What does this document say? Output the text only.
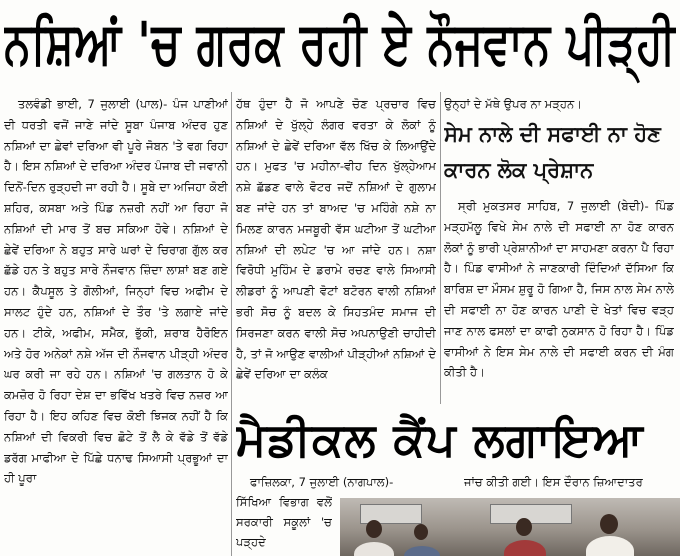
ਨਸ਼ਿਆਂ 'ਚ ਗਰਕ ਰਹੀ ਏ ਨੌਜਵਾਨ ਪੀੜ੍ਹੀ

ਤਲਵੰਡੀ ਭਾਈ, 7 ਜੁਲਾਈ (ਪਾਲ)- ਪੰਜ ਪਾਣੀਆਂ ਦੀ ਧਰਤੀ ਵਜੋਂ ਜਾਣੇ ਜਾਂਦੇ ਸੂਬਾ ਪੰਜਾਬ ਅੰਦਰ ਹੁਣ ਨਸ਼ਿਆਂ ਦਾ ਛੇਵਾਂ ਦਰਿਆ ਵੀ ਪੂਰੇ ਜੋਬਨ 'ਤੇ ਵਗ ਰਿਹਾ ਹੈ। ਇਸ ਨਸ਼ਿਆਂ ਦੇ ਦਰਿਆ ਅੰਦਰ ਪੰਜਾਬ ਦੀ ਜਵਾਨੀ ਦਿਨੋਂ-ਦਿਨ ਰੁੜ੍ਹਦੀ ਜਾ ਰਹੀ ਹੈ। ਸੂਬੇ ਦਾ ਅਜਿਹਾ ਕੋਈ ਸ਼ਹਿਰ, ਕਸਬਾ ਅਤੇ ਪਿੰਡ ਨਜ਼ਰੀ ਨਹੀਂ ਆ ਰਿਹਾ ਜੋ ਨਸ਼ਿਆਂ ਦੀ ਮਾਰ ਤੋਂ ਬਚ ਸਕਿਆ ਹੋਵੇ। ਨਸ਼ਿਆਂ ਦੇ ਛੇਵੇਂ ਦਰਿਆ ਨੇ ਬਹੁਤ ਸਾਰੇ ਘਰਾਂ ਦੇ ਚਿਰਾਗ ਗੁੱਲ ਕਰ ਛੱਡੇ ਹਨ ਤੇ ਬਹੁਤ ਸਾਰੇ ਨੌਜਵਾਨ ਜ਼ਿੰਦਾ ਲਾਸ਼ਾਂ ਬਣ ਗਏ ਹਨ। ਕੈਪਸੂਲ ਤੇ ਗੋਲੀਆਂ, ਜਿਨ੍ਹਾਂ ਵਿਚ ਅਫੀਮ ਦੇ ਸਾਲਟ ਹੁੰਦੇ ਹਨ, ਨਸ਼ਿਆਂ ਦੇ ਤੌਰ 'ਤੇ ਲਗਾਏ ਜਾਂਦੇ ਹਨ। ਟੀਕੇ, ਅਫੀਮ, ਸਮੈਕ, ਭੁੱਕੀ, ਸ਼ਰਾਬ ਹੈਰੋਇਨ ਅਤੇ ਹੋਰ ਅਨੇਕਾਂ ਨਸ਼ੇ ਅੱਜ ਦੀ ਨੌਜਵਾਨ ਪੀੜ੍ਹੀ ਅੰਦਰ ਘਰ ਕਰੀ ਜਾ ਰਹੇ ਹਨ। ਨਸ਼ਿਆਂ 'ਚ ਗਲਤਾਨ ਹੋ ਕੇ ਕਮਜ਼ੋਰ ਹੋ ਰਿਹਾ ਦੇਸ਼ ਦਾ ਭਵਿੱਖ ਖਤਰੇ ਵਿਚ ਨਜ਼ਰ ਆ ਰਿਹਾ ਹੈ। ਇਹ ਕਹਿਣ ਵਿਚ ਕੋਈ ਝਿਜਕ ਨਹੀਂ ਹੈ ਕਿ ਨਸ਼ਿਆਂ ਦੀ ਵਿਕਰੀ ਵਿਚ ਛੋਟੇ ਤੋਂ ਲੈ ਕੇ ਵੱਡੇ ਤੋਂ ਵੱਡੇ ਡਰੱਗ ਮਾਫੀਆ ਦੇ ਪਿੱਛੇ ਧਨਾਢ ਸਿਆਸੀ ਪ੍ਰਭੂਆਂ ਦਾ ਹੀ ਪੂਰਾ

ਹੱਥ ਹੁੰਦਾ ਹੈ ਜੋ ਆਪਣੇ ਚੋਣ ਪ੍ਰਚਾਰ ਵਿਚ ਨਸ਼ਿਆਂ ਦੇ ਖੁੱਲ੍ਹੇ ਲੰਗਰ ਵਰਤਾ ਕੇ ਲੋਕਾਂ ਨੂੰ ਨਸ਼ਿਆਂ ਦੇ ਛੇਵੇਂ ਦਰਿਆ ਵੱਲ ਖਿੱਚ ਕੇ ਲਿਆਉਂਦੇ ਹਨ। ਮੁਫਤ 'ਚ ਮਹੀਨਾ-ਵੀਹ ਦਿਨ ਖੁੱਲ੍ਹੇਆਮ ਨਸ਼ੇ ਛੱਡਣ ਵਾਲੇ ਵੋਟਰ ਜਦੋਂ ਨਸ਼ਿਆਂ ਦੇ ਗੁਲਾਮ ਬਣ ਜਾਂਦੇ ਹਨ ਤਾਂ ਬਾਅਦ 'ਚ ਮਹਿੰਗੇ ਨਸ਼ੇ ਨਾ ਮਿਲਣ ਕਾਰਨ ਮਜਬੂਰੀ ਵੱਸ ਘਟੀਆ ਤੋਂ ਘਟੀਆ ਨਸ਼ਿਆਂ ਦੀ ਲਪੇਟ 'ਚ ਆ ਜਾਂਦੇ ਹਨ। ਨਸ਼ਾ ਵਿਰੋਧੀ ਮੁਹਿੰਮ ਦੇ ਡਰਾਮੇ ਰਚਣ ਵਾਲੇ ਸਿਆਸੀ ਲੀਡਰਾਂ ਨੂੰ ਆਪਣੀ ਵੋਟਾਂ ਬਟੋਰਨ ਵਾਲੀ ਨਸ਼ਿਆਂ ਭਰੀ ਸੋਚ ਨੂੰ ਬਦਲ ਕੇ ਸਿਹਤਮੰਦ ਸਮਾਜ ਦੀ ਸਿਰਜਣਾ ਕਰਨ ਵਾਲੀ ਸੋਚ ਅਪਨਾਉਣੀ ਚਾਹੀਦੀ ਹੈ, ਤਾਂ ਜੋ ਆਉਣ ਵਾਲੀਆਂ ਪੀੜ੍ਹੀਆਂ ਨਸ਼ਿਆਂ ਦੇ ਛੇਵੇਂ ਦਰਿਆ ਦਾ ਕਲੰਕ

ਉਨ੍ਹਾਂ ਦੇ ਮੱਥੇ ਉਪਰ ਨਾ ਮੜ੍ਹਨ।

ਸੇਮ ਨਾਲੇ ਦੀ ਸਫਾਈ ਨਾ ਹੋਣ ਕਾਰਨ ਲੋਕ ਪ੍ਰੇਸ਼ਾਨ

ਸ੍ਰੀ ਮੁਕਤਸਰ ਸਾਹਿਬ, 7 ਜੁਲਾਈ (ਬੇਦੀ)- ਪਿੰਡ ਮੜ੍ਹਮੱਲੂ ਵਿਖੇ ਸੇਮ ਨਾਲੇ ਦੀ ਸਫਾਈ ਨਾ ਹੋਣ ਕਾਰਨ ਲੋਕਾਂ ਨੂੰ ਭਾਰੀ ਪ੍ਰੇਸ਼ਾਨੀਆਂ ਦਾ ਸਾਹਮਣਾ ਕਰਨਾ ਪੈ ਰਿਹਾ ਹੈ। ਪਿੰਡ ਵਾਸੀਆਂ ਨੇ ਜਾਣਕਾਰੀ ਦਿੰਦਿਆਂ ਦੱਸਿਆ ਕਿ ਬਾਰਿਸ਼ ਦਾ ਮੌਸਮ ਸ਼ੁਰੂ ਹੋ ਗਿਆ ਹੈ, ਜਿਸ ਨਾਲ ਸੇਮ ਨਾਲੇ ਦੀ ਸਫਾਈ ਨਾ ਹੋਣ ਕਾਰਨ ਪਾਣੀ ਦੇ ਖੇਤਾਂ ਵਿਚ ਵੜ੍ਹ ਜਾਣ ਨਾਲ ਫਸਲਾਂ ਦਾ ਕਾਫੀ ਨੁਕਸਾਨ ਹੋ ਰਿਹਾ ਹੈ। ਪਿੰਡ ਵਾਸੀਆਂ ਨੇ ਇਸ ਸੇਮ ਨਾਲੇ ਦੀ ਸਫਾਈ ਕਰਨ ਦੀ ਮੰਗ ਕੀਤੀ ਹੈ।

ਮੈਡੀਕਲ ਕੈਂਪ ਲਗਾਇਆ

ਫਾਜ਼ਿਲਕਾ, 7 ਜੁਲਾਈ (ਨਾਗਪਾਲ)-

ਸਿੱਖਿਆ ਵਿਭਾਗ ਵਲੋਂ ਸਰਕਾਰੀ ਸਕੂਲਾਂ 'ਚ ਪੜ੍ਹਦੇ

ਜਾਂਚ ਕੀਤੀ ਗਈ। ਇਸ ਦੌਰਾਨ ਜ਼ਿਆਦਾਤਰ
